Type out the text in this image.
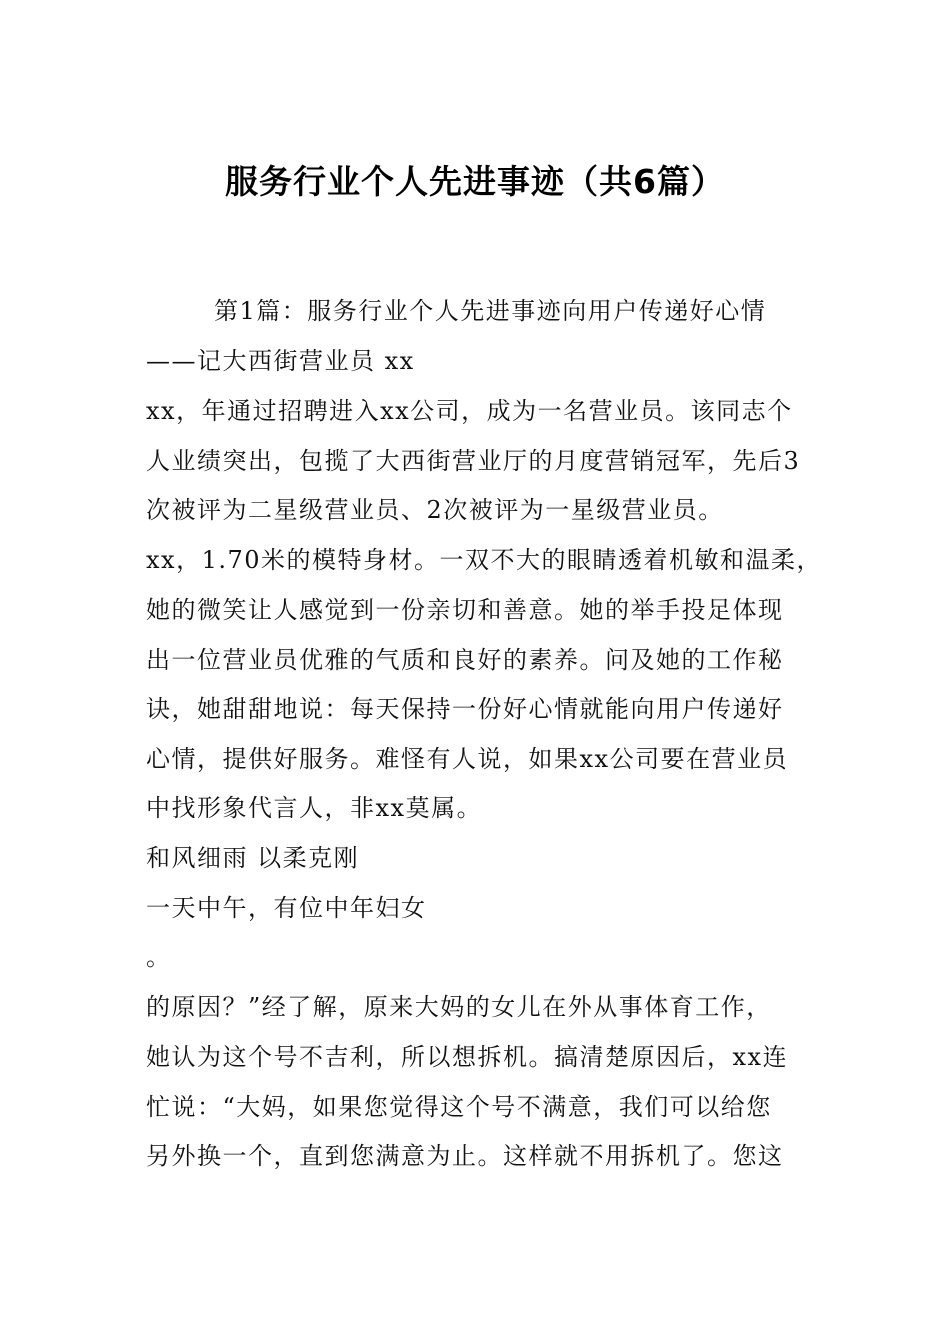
服务行业个人先进事迹（共6篇）
第1篇：服务行业个人先进事迹向用户传递好心情
——记大西街营业员 xx
xx，年通过招聘进入xx公司，成为一名营业员。该同志个
人业绩突出，包揽了大西街营业厅的月度营销冠军，先后3
次被评为二星级营业员、2次被评为一星级营业员。
xx，1.70米的模特身材。一双不大的眼睛透着机敏和温柔，
她的微笑让人感觉到一份亲切和善意。她的举手投足体现
出一位营业员优雅的气质和良好的素养。问及她的工作秘
诀，她甜甜地说：每天保持一份好心情就能向用户传递好
心情，提供好服务。难怪有人说，如果xx公司要在营业员
中找形象代言人，非xx莫属。
和风细雨 以柔克刚
一天中午，有位中年妇女
。
的原因？”经了解，原来大妈的女儿在外从事体育工作，
她认为这个号不吉利，所以想拆机。搞清楚原因后，xx连
忙说：“大妈，如果您觉得这个号不满意，我们可以给您
另外换一个，直到您满意为止。这样就不用拆机了。您这
